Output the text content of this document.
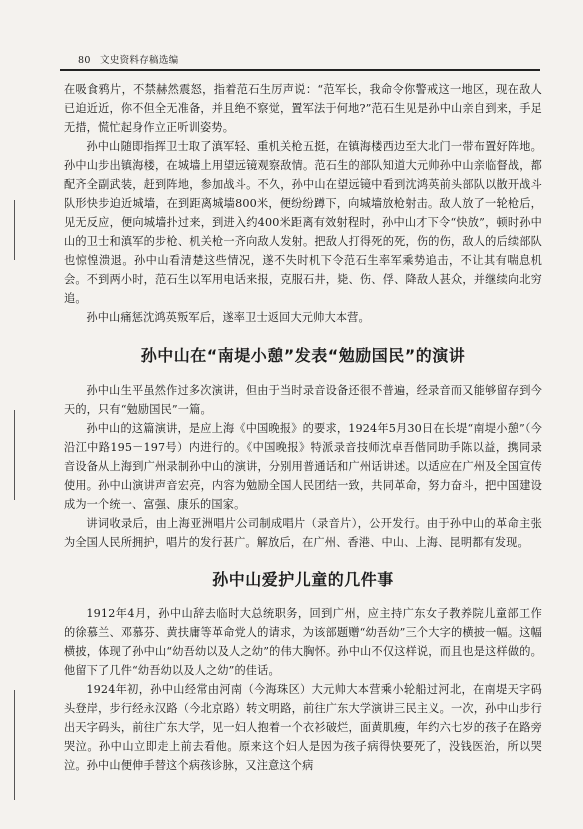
80 文史资料存稿选编

在吸食鸦片，不禁赫然震怒，指着范石生厉声说：“范军长，我命令你警戒这一地区，现在敌人已迫近近，你不但全无准备，并且绝不察觉，置军法于何地?”范石生见是孙中山亲自到来，手足无措，慌忙起身作立正听训姿势。

孙中山随即指挥卫士取了滇军轻、重机关枪五挺，在镇海楼西边至大北门一带布置好阵地。孙中山步出镇海楼，在城墙上用望远镜观察敌情。范石生的部队知道大元帅孙中山亲临督战，都配齐全副武装，赶到阵地，参加战斗。不久，孙中山在望远镜中看到沈鸿英前头部队以散开战斗队形快步迫近城墙，在到距离城墙800米，便纷纷蹲下，向城墙放枪射击。敌人放了一轮枪后，见无反应，便向城墙扑过来，到进入约400米距离有效射程时，孙中山才下令“快放”，顿时孙中山的卫士和滇军的步枪、机关枪一齐向敌人发射。把敌人打得死的死，伤的伤，敌人的后续部队也惊惶溃退。孙中山看清楚这些情况，遂不失时机下令范石生率军乘势追击，不让其有喘息机会。不到两小时，范石生以军用电话来报，克服石井，毙、伤、俘、降敌人甚众，并继续向北穷追。

孙中山痛惩沈鸿英叛军后，遂率卫士返回大元帅大本营。

孙中山在“南堤小憩”发表“勉励国民”的演讲

孙中山生平虽然作过多次演讲，但由于当时录音设备还很不普遍，经录音而又能够留存到今天的，只有“勉励国民”一篇。

孙中山的这篇演讲，是应上海《中国晚报》的要求，1924年5月30日在长堤“南堤小憩”（今沿江中路195－197号）内进行的。《中国晚报》特派录音技师沈卓吾偕同助手陈以益，携同录音设备从上海到广州录制孙中山的演讲，分别用普通话和广州话讲述。以适应在广州及全国宣传使用。孙中山演讲声音宏亮，内容为勉励全国人民团结一致，共同革命，努力奋斗，把中国建设成为一个统一、富强、康乐的国家。

讲词收录后，由上海亚洲唱片公司制成唱片（录音片），公开发行。由于孙中山的革命主张为全国人民所拥护，唱片的发行甚广。解放后，在广州、香港、中山、上海、昆明都有发现。

孙中山爱护儿童的几件事

1912年4月，孙中山辞去临时大总统职务，回到广州，应主持广东女子教养院儿童部工作的徐慕兰、邓慕芬、黄扶庸等革命党人的请求，为该部题赠“幼吾幼”三个大字的横披一幅。这幅横披，体现了孙中山“幼吾幼以及人之幼”的伟大胸怀。孙中山不仅这样说，而且也是这样做的。他留下了几件“幼吾幼以及人之幼”的佳话。

1924年初，孙中山经常由河南（今海珠区）大元帅大本营乘小轮船过河北，在南堤天字码头登岸，步行经永汉路（今北京路）转文明路，前往广东大学演讲三民主义。一次，孙中山步行出天字码头，前往广东大学，见一妇人抱着一个衣衫破烂，面黄肌瘦，年约六七岁的孩子在路旁哭泣。孙中山立即走上前去看他。原来这个妇人是因为孩子病得快要死了，没钱医治，所以哭泣。孙中山便伸手替这个病孩诊脉，又注意这个病
